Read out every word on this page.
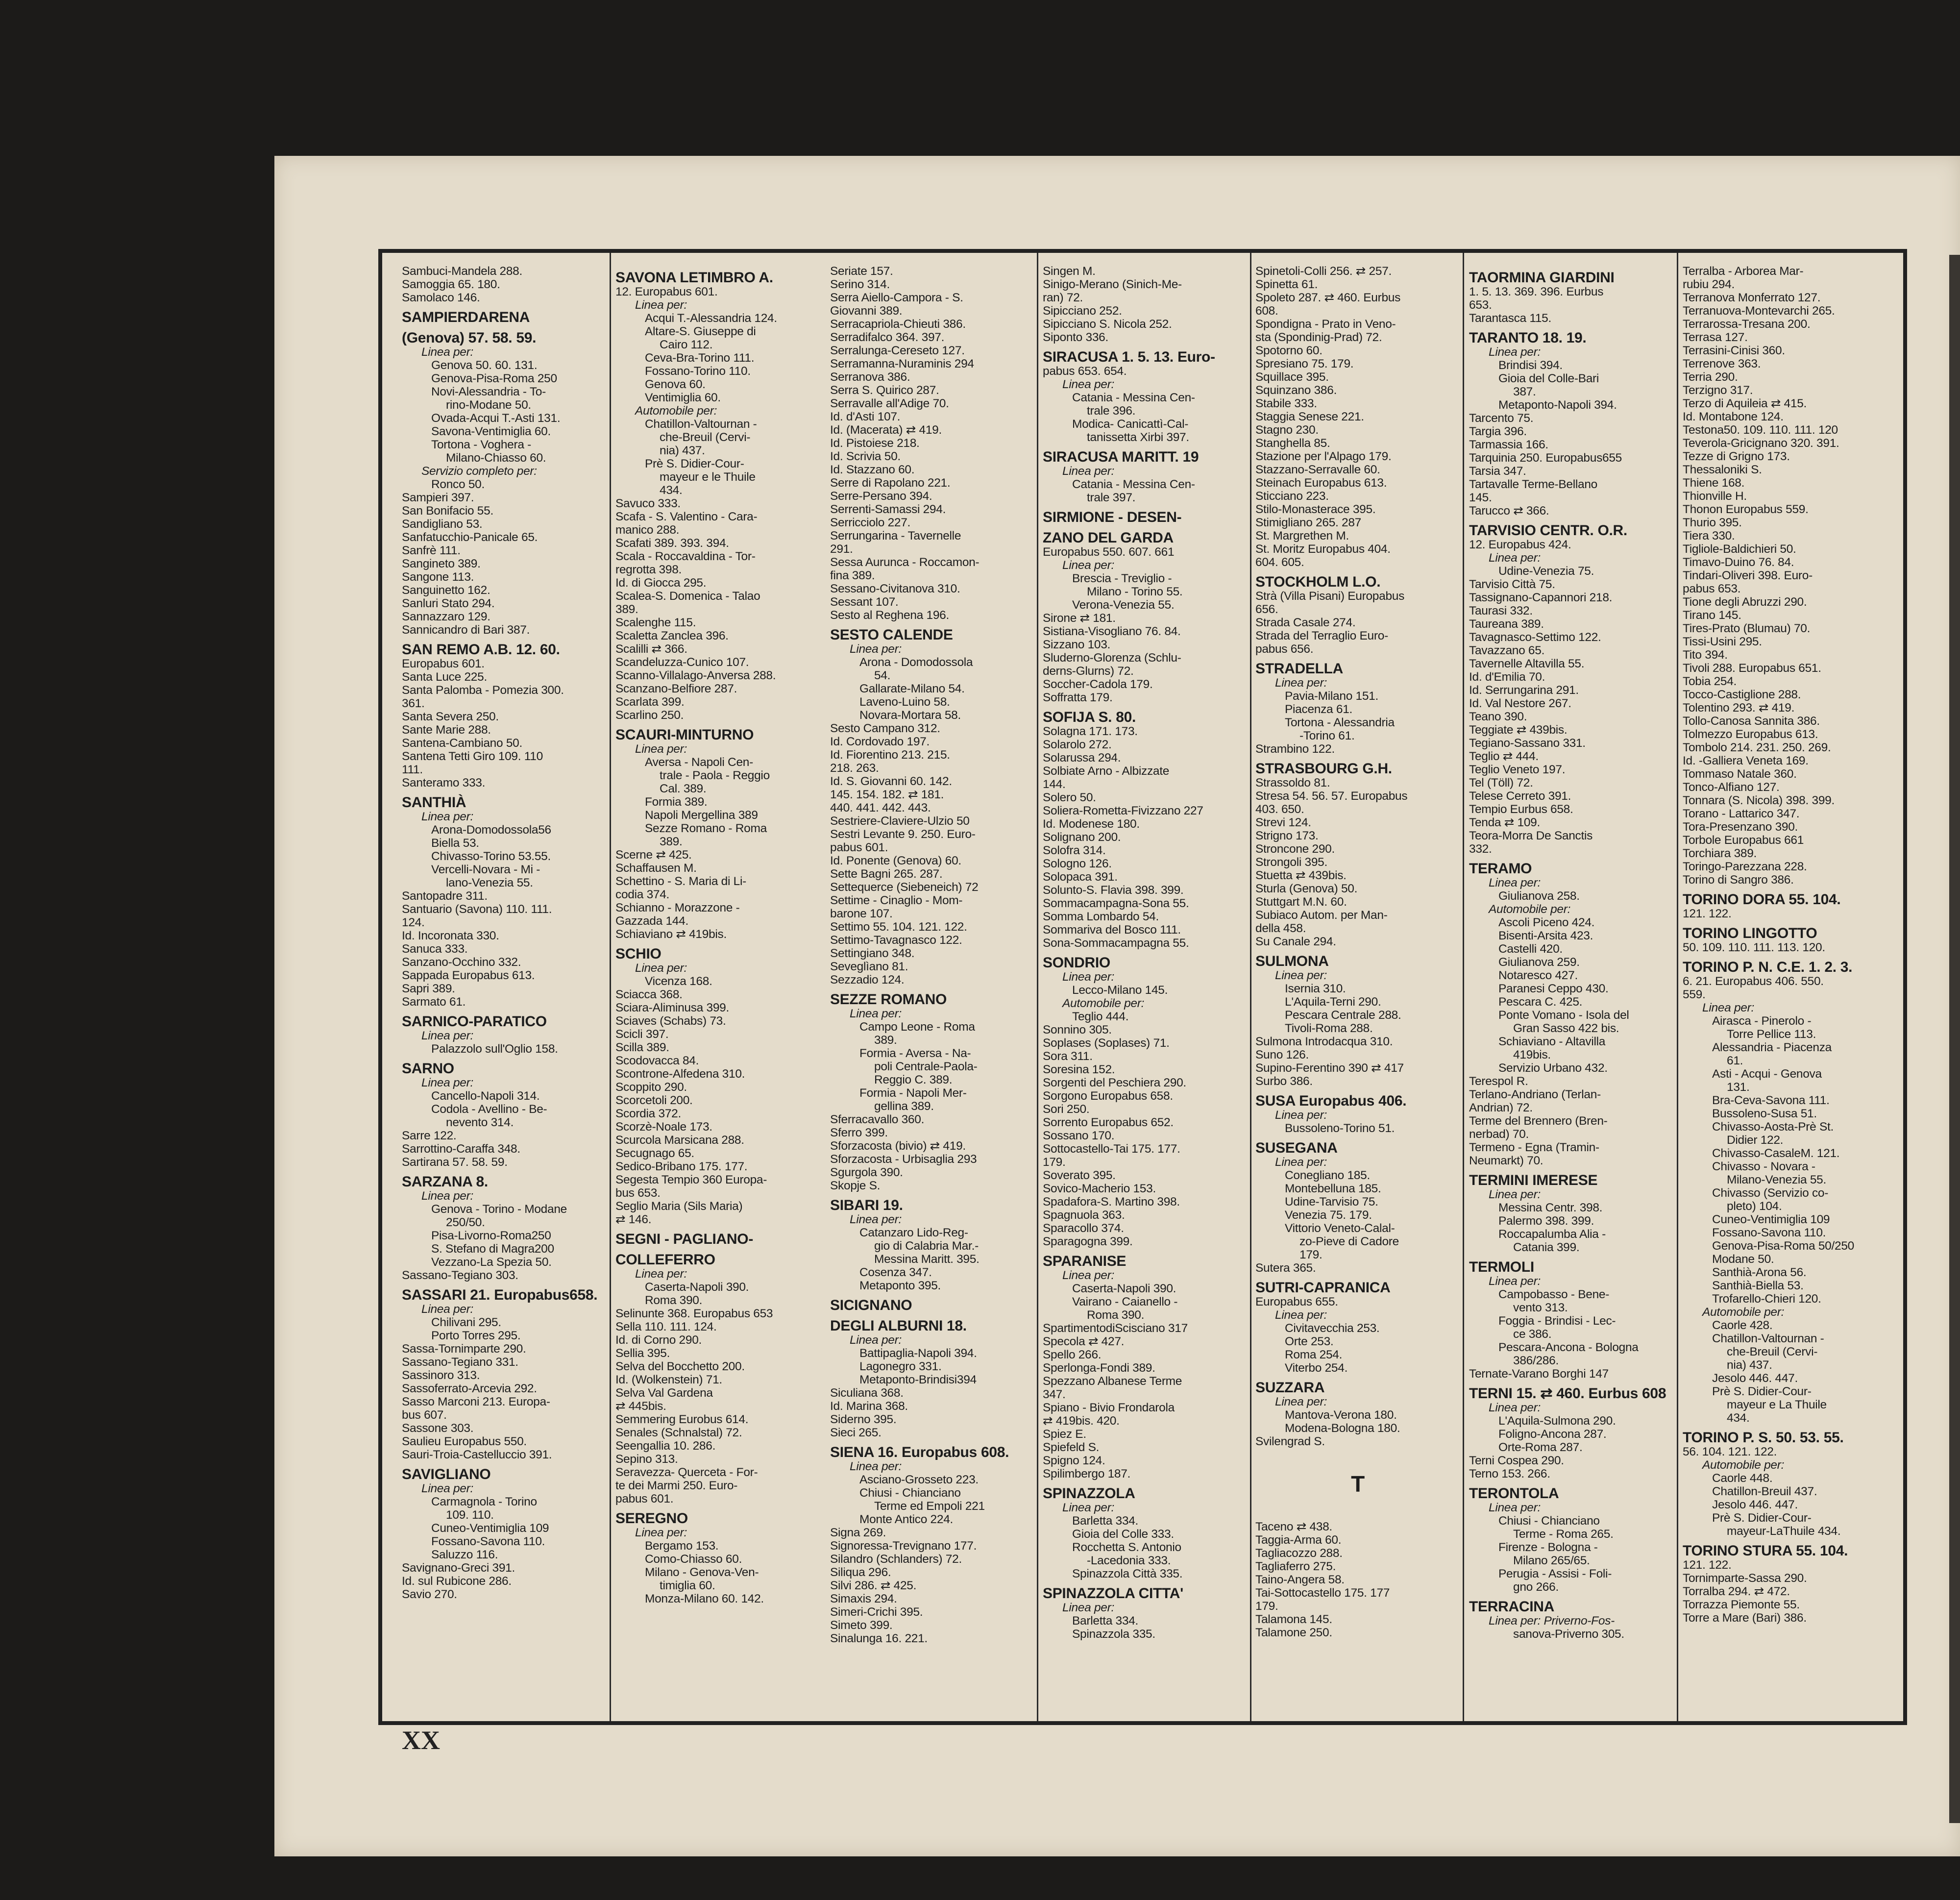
Sambuci-Mandela 288.
Samoggia 65. 180.
Samolaco 146.
SAMPIERDARENA
(Genova) 57. 58. 59.
Linea per:
Genova 50. 60. 131.
Genova-Pisa-Roma 250
Novi-Alessandria - To-
rino-Modane 50.
Ovada-Acqui T.-Asti 131.
Savona-Ventimiglia 60.
Tortona - Voghera -
Milano-Chiasso 60.
Servizio completo per:
Ronco 50.
Sampieri 397.
San Bonifacio 55.
Sandigliano 53.
Sanfatucchio-Panicale 65.
Sanfrè 111.
Sangineto 389.
Sangone 113.
Sanguinetto 162.
Sanluri Stato 294.
Sannazzaro 129.
Sannicandro di Bari 387.
SAN REMO A.B. 12. 60.
Europabus 601.
Santa Luce 225.
Santa Palomba - Pomezia 300.
361.
Santa Severa 250.
Sante Marie 288.
Santena-Cambiano 50.
Santena Tetti Giro 109. 110
111.
Santeramo 333.
SANTHIÀ
Linea per:
Arona-Domodossola56
Biella 53.
Chivasso-Torino 53.55.
Vercelli-Novara - Mi -
lano-Venezia 55.
Santopadre 311.
Santuario (Savona) 110. 111.
124.
Id. Incoronata 330.
Sanuca 333.
Sanzano-Occhino 332.
Sappada Europabus 613.
Sapri 389.
Sarmato 61.
SARNICO-PARATICO
Linea per:
Palazzolo sull'Oglio 158.
SARNO
Linea per:
Cancello-Napoli 314.
Codola - Avellino - Be-
nevento 314.
Sarre 122.
Sarrottino-Caraffa 348.
Sartirana 57. 58. 59.
SARZANA 8.
Linea per:
Genova - Torino - Modane
250/50.
Pisa-Livorno-Roma250
S. Stefano di Magra200
Vezzano-La Spezia 50.
Sassano-Tegiano 303.
SASSARI 21. Europabus658.
Linea per:
Chilivani 295.
Porto Torres 295.
Sassa-Tornimparte 290.
Sassano-Tegiano 331.
Sassinoro 313.
Sassoferrato-Arcevia 292.
Sasso Marconi 213. Europa-
bus 607.
Sassone 303.
Saulieu Europabus 550.
Sauri-Troia-Castelluccio 391.
SAVIGLIANO
Linea per:
Carmagnola - Torino
109. 110.
Cuneo-Ventimiglia 109
Fossano-Savona 110.
Saluzzo 116.
Savignano-Greci 391.
Id. sul Rubicone 286.
Savio 270.
SAVONA LETIMBRO A.
12. Europabus 601.
Linea per:
Acqui T.-Alessandria 124.
Altare-S. Giuseppe di
Cairo 112.
Ceva-Bra-Torino 111.
Fossano-Torino 110.
Genova 60.
Ventimiglia 60.
Automobile per:
Chatillon-Valtournan -
che-Breuil (Cervi-
nia) 437.
Prè S. Didier-Cour-
mayeur e le Thuile
434.
Savuco 333.
Scafa - S. Valentino - Cara-
manico 288.
Scafati 389. 393. 394.
Scala - Roccavaldina - Tor-
regrotta 398.
Id. di Giocca 295.
Scalea-S. Domenica - Talao
389.
Scalenghe 115.
Scaletta Zanclea 396.
Scalilli ⇄ 366.
Scandeluzza-Cunico 107.
Scanno-Villalago-Anversa 288.
Scanzano-Belfiore 287.
Scarlata 399.
Scarlino 250.
SCAURI-MINTURNO
Linea per:
Aversa - Napoli Cen-
trale - Paola - Reggio
Cal. 389.
Formia 389.
Napoli Mergellina 389
Sezze Romano - Roma
389.
Scerne ⇄ 425.
Schaffausen M.
Schettino - S. Maria di Li-
codia 374.
Schianno - Morazzone -
Gazzada 144.
Schiaviano ⇄ 419bis.
SCHIO
Linea per:
Vicenza 168.
Sciacca 368.
Sciara-Aliminusa 399.
Sciaves (Schabs) 73.
Scicli 397.
Scilla 389.
Scodovacca 84.
Scontrone-Alfedena 310.
Scoppito 290.
Scorcetoli 200.
Scordia 372.
Scorzè-Noale 173.
Scurcola Marsicana 288.
Secugnago 65.
Sedico-Bribano 175. 177.
Segesta Tempio 360 Europa-
bus 653.
Seglio Maria (Sils Maria)
⇄ 146.
SEGNI - PAGLIANO-
COLLEFERRO
Linea per:
Caserta-Napoli 390.
Roma 390.
Selinunte 368. Europabus 653
Sella 110. 111. 124.
Id. di Corno 290.
Sellia 395.
Selva del Bocchetto 200.
Id. (Wolkenstein) 71.
Selva Val Gardena
⇄ 445bis.
Semmering Eurobus 614.
Senales (Schnalstal) 72.
Seengallia 10. 286.
Sepino 313.
Seravezza- Querceta - For-
te dei Marmi 250. Euro-
pabus 601.
SEREGNO
Linea per:
Bergamo 153.
Como-Chiasso 60.
Milano - Genova-Ven-
timiglia 60.
Monza-Milano 60. 142.
Seriate 157.
Serino 314.
Serra Aiello-Campora - S.
Giovanni 389.
Serracapriola-Chieuti 386.
Serradifalco 364. 397.
Serralunga-Cereseto 127.
Serramanna-Nuraminis 294
Serranova 386.
Serra S. Quirico 287.
Serravalle all'Adige 70.
Id. d'Asti 107.
Id. (Macerata) ⇄ 419.
Id. Pistoiese 218.
Id. Scrivia 50.
Id. Stazzano 60.
Serre di Rapolano 221.
Serre-Persano 394.
Serrenti-Samassi 294.
Serricciolo 227.
Serrungarina - Tavernelle
291.
Sessa Aurunca - Roccamon-
fina 389.
Sessano-Civitanova 310.
Sessant 107.
Sesto al Reghena 196.
SESTO CALENDE
Linea per:
Arona - Domodossola
54.
Gallarate-Milano 54.
Laveno-Luino 58.
Novara-Mortara 58.
Sesto Campano 312.
Id. Cordovado 197.
Id. Fiorentino 213. 215.
218. 263.
Id. S. Giovanni 60. 142.
145. 154. 182. ⇄ 181.
440. 441. 442. 443.
Sestriere-Claviere-Ulzio 50
Sestri Levante 9. 250. Euro-
pabus 601.
Id. Ponente (Genova) 60.
Sette Bagni 265. 287.
Settequerce (Siebeneich) 72
Settime - Cinaglio - Mom-
barone 107.
Settimo 55. 104. 121. 122.
Settimo-Tavagnasco 122.
Settingiano 348.
Seveglìano 81.
Sezzadio 124.
SEZZE ROMANO
Linea per:
Campo Leone - Roma
389.
Formia - Aversa - Na-
poli Centrale-Paola-
Reggio C. 389.
Formia - Napoli Mer-
gellina 389.
Sferracavallo 360.
Sferro 399.
Sforzacosta (bivio) ⇄ 419.
Sforzacosta - Urbisaglia 293
Sgurgola 390.
Skopje S.
SIBARI 19.
Linea per:
Catanzaro Lido-Reg-
gio di Calabria Mar.-
Messina Maritt. 395.
Cosenza 347.
Metaponto 395.
SICIGNANO
DEGLI ALBURNI 18.
Linea per:
Battipaglia-Napoli 394.
Lagonegro 331.
Metaponto-Brindisi394
Siculiana 368.
Id. Marina 368.
Siderno 395.
Sieci 265.
SIENA 16. Europabus 608.
Linea per:
Asciano-Grosseto 223.
Chiusi - Chianciano
Terme ed Empoli 221
Monte Antico 224.
Signa 269.
Signoressa-Trevignano 177.
Silandro (Schlanders) 72.
Siliqua 296.
Silvi 286. ⇄ 425.
Simaxis 294.
Simeri-Crichi 395.
Simeto 399.
Sinalunga 16. 221.
Singen M.
Sinigo-Merano (Sinich-Me-
ran) 72.
Sipicciano 252.
Sipicciano S. Nicola 252.
Siponto 336.
SIRACUSA 1. 5. 13. Euro-
pabus 653. 654.
Linea per:
Catania - Messina Cen-
trale 396.
Modica- Canicattì-Cal-
tanissetta Xirbi 397.
SIRACUSA MARITT. 19
Linea per:
Catania - Messina Cen-
trale 397.
SIRMIONE - DESEN-
ZANO DEL GARDA
Europabus 550. 607. 661
Linea per:
Brescia - Treviglio -
Milano - Torino 55.
Verona-Venezia 55.
Sirone ⇄ 181.
Sistiana-Visogliano 76. 84.
Sizzano 103.
Sluderno-Glorenza (Schlu-
derns-Glurns) 72.
Soccher-Cadola 179.
Soffratta 179.
SOFIJA S. 80.
Solagna 171. 173.
Solarolo 272.
Solarussa 294.
Solbiate Arno - Albizzate
144.
Solero 50.
Soliera-Rometta-Fivizzano 227
Id. Modenese 180.
Solignano 200.
Solofra 314.
Sologno 126.
Solopaca 391.
Solunto-S. Flavia 398. 399.
Sommacampagna-Sona 55.
Somma Lombardo 54.
Sommariva del Bosco 111.
Sona-Sommacampagna 55.
SONDRIO
Linea per:
Lecco-Milano 145.
Automobile per:
Teglio 444.
Sonnino 305.
Soplases (Soplases) 71.
Sora 311.
Soresina 152.
Sorgenti del Peschiera 290.
Sorgono Europabus 658.
Sori 250.
Sorrento Europabus 652.
Sossano 170.
Sottocastello-Tai 175. 177.
179.
Soverato 395.
Sovico-Macherio 153.
Spadafora-S. Martino 398.
Spagnuola 363.
Sparacollo 374.
Sparagogna 399.
SPARANISE
Linea per:
Caserta-Napoli 390.
Vairano - Caianello -
Roma 390.
SpartimentodiScisciano 317
Specola ⇄ 427.
Spello 266.
Sperlonga-Fondi 389.
Spezzano Albanese Terme
347.
Spiano - Bivio Frondarola
⇄ 419bis. 420.
Spiez E.
Spiefeld S.
Spigno 124.
Spilimbergo 187.
SPINAZZOLA
Linea per:
Barletta 334.
Gioia del Colle 333.
Rocchetta S. Antonio
-Lacedonia 333.
Spinazzola Città 335.
SPINAZZOLA CITTA'
Linea per:
Barletta 334.
Spinazzola 335.
Spinetoli-Colli 256. ⇄ 257.
Spinetta 61.
Spoleto 287. ⇄ 460. Eurbus
608.
Spondigna - Prato in Veno-
sta (Spondinig-Prad) 72.
Spotorno 60.
Spresiano 75. 179.
Squillace 395.
Squinzano 386.
Stabile 333.
Staggia Senese 221.
Stagno 230.
Stanghella 85.
Stazione per l'Alpago 179.
Stazzano-Serravalle 60.
Steinach Europabus 613.
Sticciano 223.
Stilo-Monasterace 395.
Stimigliano 265. 287
St. Margrethen M.
St. Moritz Europabus 404.
604. 605.
STOCKHOLM L.O.
Strà (Villa Pisani) Europabus
656.
Strada Casale 274.
Strada del Terraglio Euro-
pabus 656.
STRADELLA
Linea per:
Pavia-Milano 151.
Piacenza 61.
Tortona - Alessandria
-Torino 61.
Strambino 122.
STRASBOURG G.H.
Strassoldo 81.
Stresa 54. 56. 57. Europabus
403. 650.
Strevi 124.
Strigno 173.
Stroncone 290.
Strongoli 395.
Stuetta ⇄ 439bis.
Sturla (Genova) 50.
Stuttgart M.N. 60.
Subiaco Autom. per Man-
della 458.
Su Canale 294.
SULMONA
Linea per:
Isernia 310.
L'Aquila-Terni 290.
Pescara Centrale 288.
Tivoli-Roma 288.
Sulmona Introdacqua 310.
Suno 126.
Supino-Ferentino 390 ⇄ 417
Surbo 386.
SUSA Europabus 406.
Linea per:
Bussoleno-Torino 51.
SUSEGANA
Linea per:
Conegliano 185.
Montebelluna 185.
Udine-Tarvisio 75.
Venezia 75. 179.
Vittorio Veneto-Calal-
zo-Pieve di Cadore
179.
Sutera 365.
SUTRI-CAPRANICA
Europabus 655.
Linea per:
Civitavecchia 253.
Orte 253.
Roma 254.
Viterbo 254.
SUZZARA
Linea per:
Mantova-Verona 180.
Modena-Bologna 180.
Svilengrad S.
T
Taceno ⇄ 438.
Taggia-Arma 60.
Tagliacozzo 288.
Tagliaferro 275.
Taino-Angera 58.
Tai-Sottocastello 175. 177
179.
Talamona 145.
Talamone 250.
TAORMINA GIARDINI
1. 5. 13. 369. 396. Eurbus
653.
Tarantasca 115.
TARANTO 18. 19.
Linea per:
Brindisi 394.
Gioia del Colle-Bari
387.
Metaponto-Napoli 394.
Tarcento 75.
Targia 396.
Tarmassia 166.
Tarquinia 250. Europabus655
Tarsia 347.
Tartavalle Terme-Bellano
145.
Tarucco ⇄ 366.
TARVISIO CENTR. O.R.
12. Europabus 424.
Linea per:
Udine-Venezia 75.
Tarvisio Città 75.
Tassignano-Capannori 218.
Taurasi 332.
Taureana 389.
Tavagnasco-Settimo 122.
Tavazzano 65.
Tavernelle Altavilla 55.
Id. d'Emilia 70.
Id. Serrungarina 291.
Id. Val Nestore 267.
Teano 390.
Teggiate ⇄ 439bis.
Tegiano-Sassano 331.
Teglio ⇄ 444.
Teglio Veneto 197.
Tel (Töll) 72.
Telese Cerreto 391.
Tempio Eurbus 658.
Tenda ⇄ 109.
Teora-Morra De Sanctis
332.
TERAMO
Linea per:
Giulianova 258.
Automobile per:
Ascoli Piceno 424.
Bisenti-Arsita 423.
Castelli 420.
Giulianova 259.
Notaresco 427.
Paranesi Ceppo 430.
Pescara C. 425.
Ponte Vomano - Isola del
Gran Sasso 422 bis.
Schiaviano - Altavilla
419bis.
Servizio Urbano 432.
Terespol R.
Terlano-Andriano (Terlan-
Andrian) 72.
Terme del Brennero (Bren-
nerbad) 70.
Termeno - Egna (Tramin-
Neumarkt) 70.
TERMINI IMERESE
Linea per:
Messina Centr. 398.
Palermo 398. 399.
Roccapalumba Alia -
Catania 399.
TERMOLI
Linea per:
Campobasso - Bene-
vento 313.
Foggia - Brindisi - Lec-
ce 386.
Pescara-Ancona - Bologna
386/286.
Ternate-Varano Borghi 147
TERNI 15. ⇄ 460. Eurbus 608
Linea per:
L'Aquila-Sulmona 290.
Foligno-Ancona 287.
Orte-Roma 287.
Terni Cospea 290.
Terno 153. 266.
TERONTOLA
Linea per:
Chiusi - Chianciano
Terme - Roma 265.
Firenze - Bologna -
Milano 265/65.
Perugia - Assisi - Foli-
gno 266.
TERRACINA
Linea per: Priverno-Fos-
sanova-Priverno 305.
Terralba - Arborea Mar-
rubiu 294.
Terranova Monferrato 127.
Terranuova-Montevarchi 265.
Terrarossa-Tresana 200.
Terrasa 127.
Terrasini-Cinisi 360.
Terrenove 363.
Terria 290.
Terzigno 317.
Terzo di Aquileia ⇄ 415.
Id. Montabone 124.
Testona50. 109. 110. 111. 120
Teverola-Gricignano 320. 391.
Tezze di Grigno 173.
Thessaloniki S.
Thiene 168.
Thionville H.
Thonon Europabus 559.
Thurio 395.
Tiera 330.
Tigliole-Baldichieri 50.
Timavo-Duino 76. 84.
Tindari-Oliveri 398. Euro-
pabus 653.
Tione degli Abruzzi 290.
Tirano 145.
Tires-Prato (Blumau) 70.
Tissi-Usini 295.
Tito 394.
Tivoli 288. Europabus 651.
Tobia 254.
Tocco-Castiglione 288.
Tolentino 293. ⇄ 419.
Tollo-Canosa Sannita 386.
Tolmezzo Europabus 613.
Tombolo 214. 231. 250. 269.
Id. -Galliera Veneta 169.
Tommaso Natale 360.
Tonco-Alfiano 127.
Tonnara (S. Nicola) 398. 399.
Torano - Lattarico 347.
Tora-Presenzano 390.
Torbole Europabus 661
Torchiara 389.
Toringo-Parezzana 228.
Torino di Sangro 386.
TORINO DORA 55. 104.
121. 122.
TORINO LINGOTTO
50. 109. 110. 111. 113. 120.
TORINO P. N. C.E. 1. 2. 3.
6. 21. Europabus 406. 550.
559.
Linea per:
Airasca - Pinerolo -
Torre Pellice 113.
Alessandria - Piacenza
61.
Asti - Acqui - Genova
131.
Bra-Ceva-Savona 111.
Bussoleno-Susa 51.
Chivasso-Aosta-Prè St.
Didier 122.
Chivasso-CasaleM. 121.
Chivasso - Novara -
Milano-Venezia 55.
Chivasso (Servizio co-
pleto) 104.
Cuneo-Ventimiglia 109
Fossano-Savona 110.
Genova-Pisa-Roma 50/250
Modane 50.
Santhià-Arona 56.
Santhià-Biella 53.
Trofarello-Chieri 120.
Automobile per:
Caorle 428.
Chatillon-Valtournan -
che-Breuil (Cervi-
nia) 437.
Jesolo 446. 447.
Prè S. Didier-Cour-
mayeur e La Thuile
434.
TORINO P. S. 50. 53. 55.
56. 104. 121. 122.
Automobile per:
Caorle 448.
Chatillon-Breuil 437.
Jesolo 446. 447.
Prè S. Didier-Cour-
mayeur-LaThuile 434.
TORINO STURA 55. 104.
121. 122.
Tornimparte-Sassa 290.
Torralba 294. ⇄ 472.
Torrazza Piemonte 55.
Torre a Mare (Bari) 386.
XX
